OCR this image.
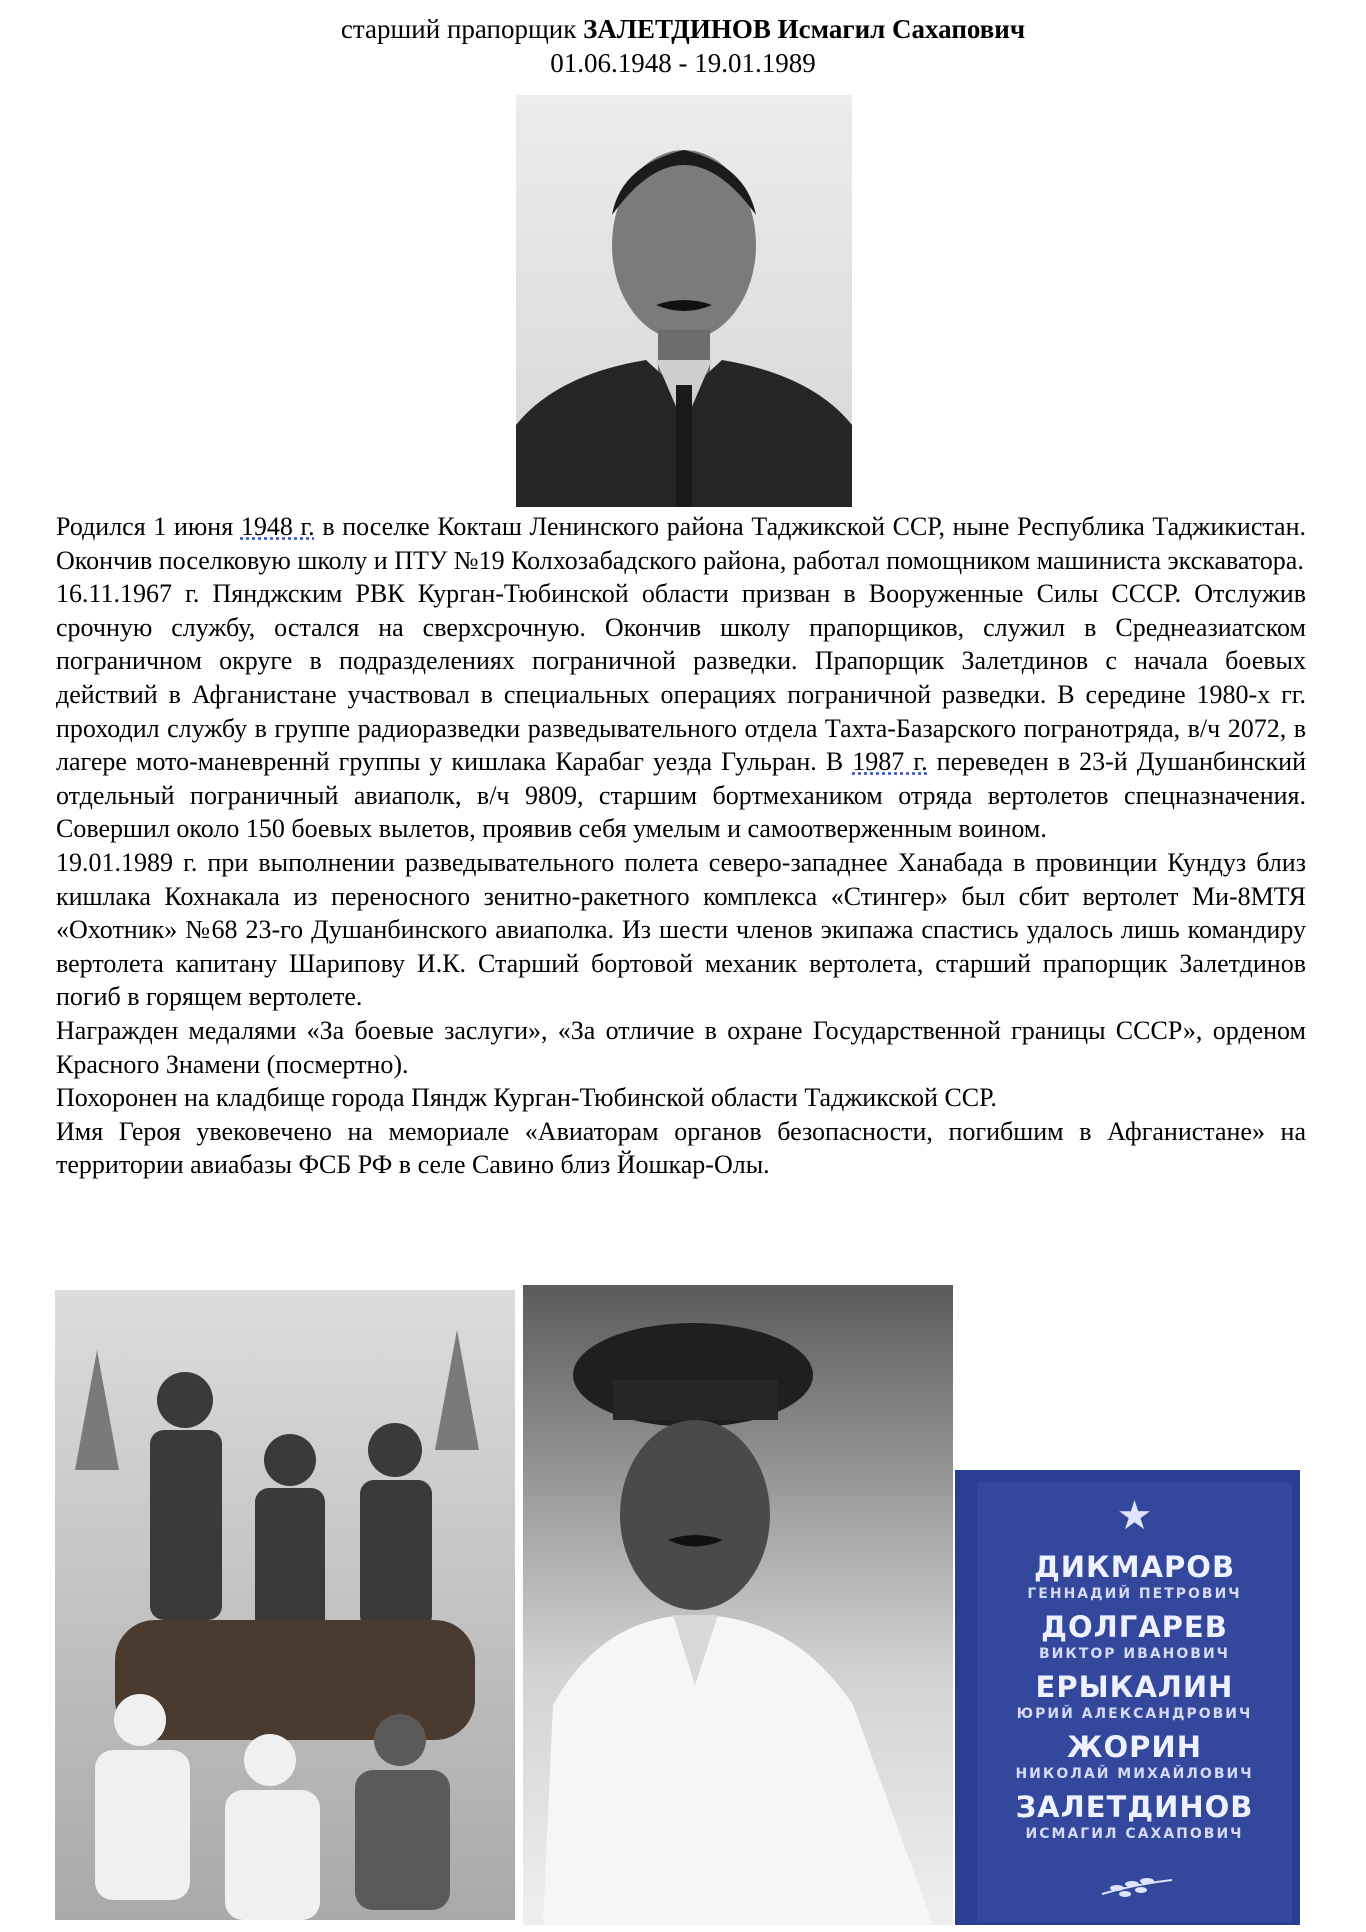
старший прапорщик ЗАЛЕТДИНОВ Исмагил Сахапович
01.06.1948 - 19.01.1989

Родился 1 июня 1948 г. в поселке Кокташ Ленинского района Таджикской ССР, ныне Республика Таджикистан. Окончив поселковую школу и ПТУ №19 Колхозабадского района, работал помощником машиниста экскаватора.

16.11.1967 г. Пянджским РВК Курган-Тюбинской области призван в Вооруженные Силы СССР. Отслужив срочную службу, остался на сверхсрочную. Окончив школу прапорщиков, служил в Среднеазиатском пограничном округе в подразделениях пограничной разведки. Прапорщик Залетдинов с начала боевых действий в Афганистане участвовал в специальных операциях пограничной разведки. В середине 1980-х гг. проходил службу в группе радиоразведки разведывательного отдела Тахта-Базарского погранотряда, в/ч 2072, в лагере мото-маневреннй группы у кишлака Карабаг уезда Гульран. В 1987 г. переведен в 23-й Душанбинский отдельный пограничный авиаполк, в/ч 9809, старшим бортмехаником отряда вертолетов спецназначения. Совершил около 150 боевых вылетов, проявив себя умелым и самоотверженным воином.

19.01.1989 г. при выполнении разведывательного полета северо-западнее Ханабада в провинции Кундуз близ кишлака Кохнакала из переносного зенитно-ракетного комплекса «Стингер» был сбит вертолет Ми-8МТЯ «Охотник» №68 23-го Душанбинского авиаполка. Из шести членов экипажа спастись удалось лишь командиру вертолета капитану Шарипову И.К. Старший бортовой механик вертолета, старший прапорщик Залетдинов погиб в горящем вертолете.

Награжден медалями «За боевые заслуги», «За отличие в охране Государственной границы СССР», орденом Красного Знамени (посмертно).

Похоронен на кладбище города Пяндж Курган-Тюбинской области Таджикской ССР.

Имя Героя увековечено на мемориале «Авиаторам органов безопасности, погибшим в Афганистане» на территории авиабазы ФСБ РФ в селе Савино близ Йошкар-Олы.

★
ДИКМАРОВ
ГЕННАДИЙ ПЕТРОВИЧ
ДОЛГАРЕВ
ВИКТОР ИВАНОВИЧ
ЕРЫКАЛИН
ЮРИЙ АЛЕКСАНДРОВИЧ
ЖОРИН
НИКОЛАЙ МИХАЙЛОВИЧ
ЗАЛЕТДИНОВ
ИСМАГИЛ САХАПОВИЧ
